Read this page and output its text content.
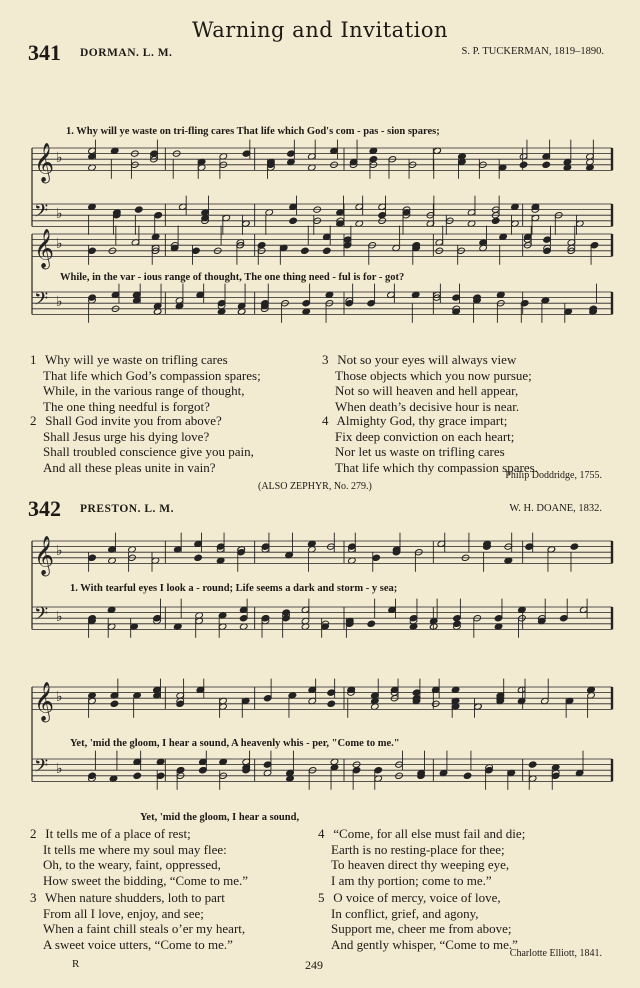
Warning and Invitation
341 DORMAN. L. M.	S. P. TUCKERMAN, 1819–1890.
𝄞 ♭
𝄢 ♭
1. Why will ye waste on tri-fling cares That life which God's com - pas - sion spares;
𝄞 ♭
𝄢 ♭
While, in the var - ious range of thought, The one thing need - ful is for - got?
1 Why will ye waste on trifling cares
That life which God’s compassion spares;
While, in the various range of thought,
The one thing needful is forgot?
2 Shall God invite you from above?
Shall Jesus urge his dying love?
Shall troubled conscience give you pain,
And all these pleas unite in vain?
3 Not so your eyes will always view
Those objects which you now pursue;
Not so will heaven and hell appear,
When death’s decisive hour is near.
4 Almighty God, thy grace impart;
Fix deep conviction on each heart;
Nor let us waste on trifling cares
That life which thy compassion spares.
Philip Doddridge, 1755.
(ALSO ZEPHYR, No. 279.)
342 PRESTON. L. M.	W. H. DOANE, 1832.
𝄞 ♭
𝄢 ♭
1. With tearful eyes I look a - round; Life seems a dark and storm - y sea;
𝄞 ♭
𝄢 ♭
Yet, 'mid the gloom, I hear a sound, A heavenly whis - per, "Come to me."
Yet, 'mid the gloom, I hear a sound,
2 It tells me of a place of rest;
It tells me where my soul may flee:
Oh, to the weary, faint, oppressed,
How sweet the bidding, “Come to me.”
3 When nature shudders, loth to part
From all I love, enjoy, and see;
When a faint chill steals o’er my heart,
A sweet voice utters, “Come to me.”
4 “Come, for all else must fail and die;
Earth is no resting-place for thee;
To heaven direct thy weeping eye,
I am thy portion; come to me.”
5 O voice of mercy, voice of love,
In conflict, grief, and agony,
Support me, cheer me from above;
And gently whisper, “Come to me.”
Charlotte Elliott, 1841.
R	249
